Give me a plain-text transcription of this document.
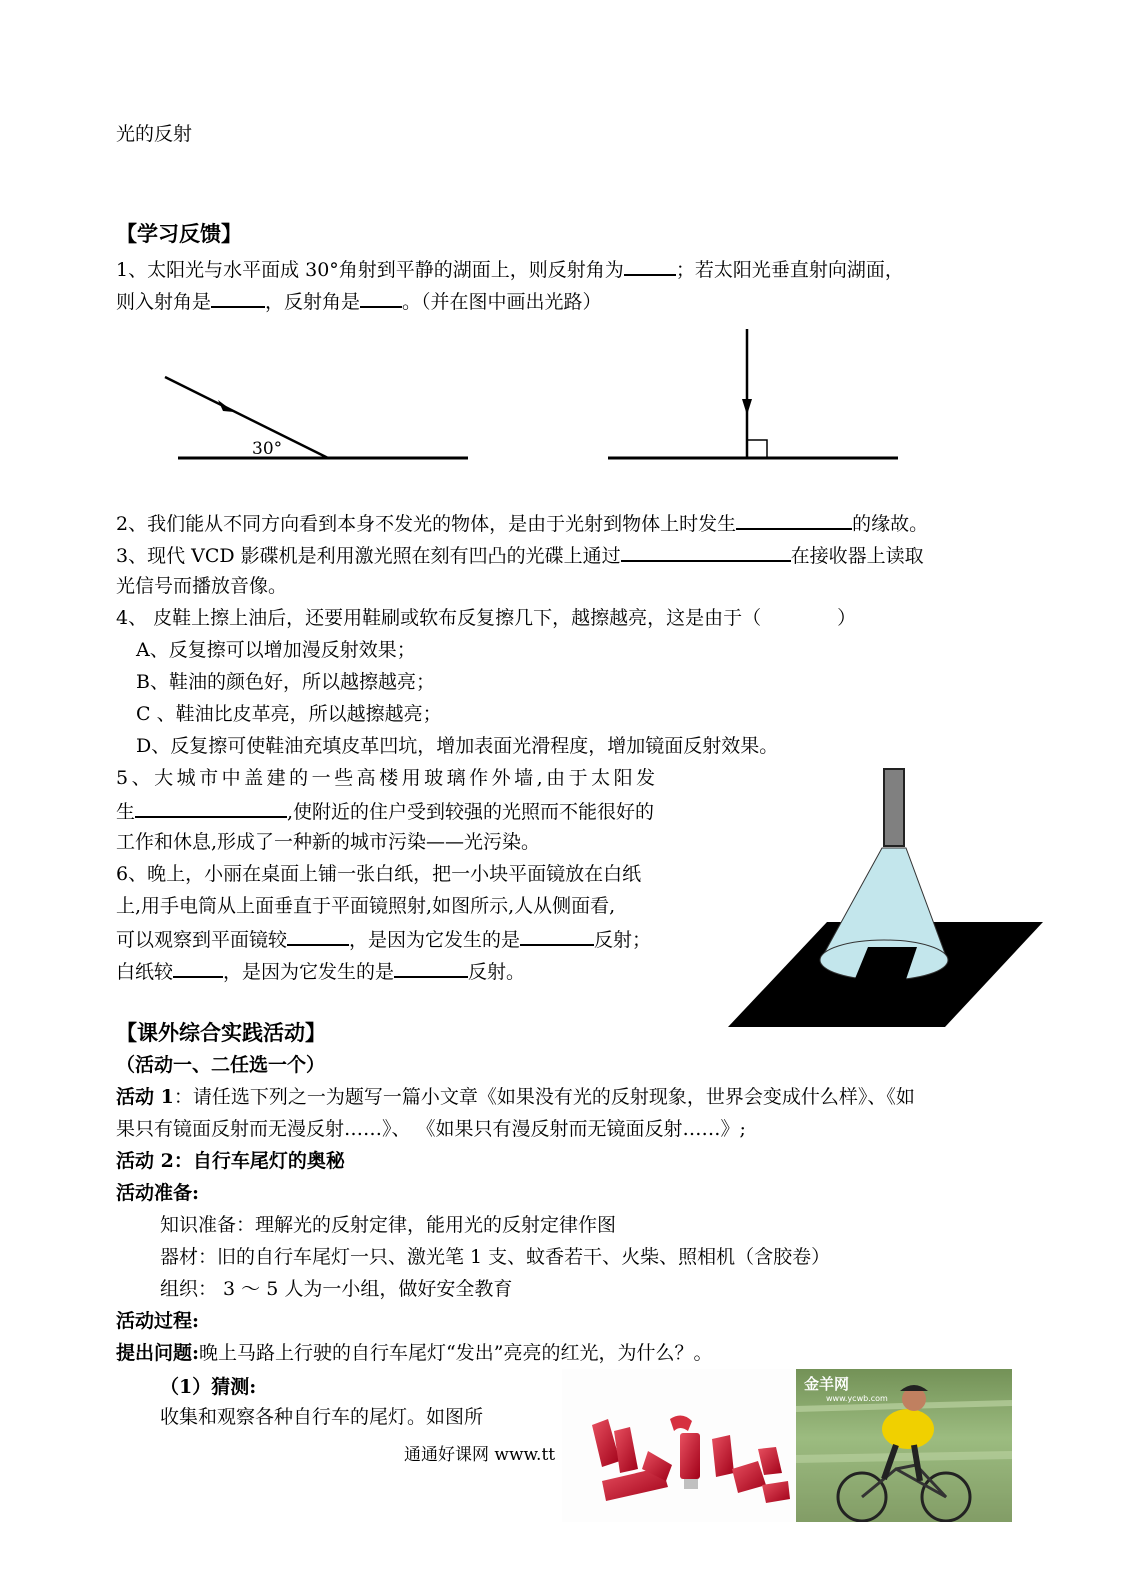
光的反射
【学习反馈】
1、太阳光与水平面成 30°角射到平静的湖面上，则反射角为	；若太阳光垂直射向湖面，
则入射角是	，反射角是 。（并在图中画出光路）
30°
2、我们能从不同方向看到本身不发光的物体，是由于光射到物体上时发生	的缘故。
3、现代 VCD 影碟机是利用激光照在刻有凹凸的光碟上通过	在接收器上读取
光信号而播放音像。
4、 皮鞋上擦上油后，还要用鞋刷或软布反复擦几下，越擦越亮，这是由于（　　　　）
A、反复擦可以增加漫反射效果；
B、鞋油的颜色好，所以越擦越亮；
C 、鞋油比皮革亮，所以越擦越亮；
D、反复擦可使鞋油充填皮革凹坑，增加表面光滑程度，增加镜面反射效果。
5、大城市中盖建的一些高楼用玻璃作外墙,由于太阳发
生	,使附近的住户受到较强的光照而不能很好的
工作和休息,形成了一种新的城市污染——光污染。
6、晚上，小丽在桌面上铺一张白纸，把一小块平面镜放在白纸
上,用手电筒从上面垂直于平面镜照射,如图所示,人从侧面看,
可以观察到平面镜较	，是因为它发生的是	反射；
白纸较	，是因为它发生的是	反射。
【课外综合实践活动】
（活动一、二任选一个）
活动 1：请任选下列之一为题写一篇小文章《如果没有光的反射现象，世界会变成什么样》、《如
果只有镜面反射而无漫反射……》、 《如果只有漫反射而无镜面反射……》;
活动 2：自行车尾灯的奥秘
活动准备:
知识准备：理解光的反射定律，能用光的反射定律作图
器材：旧的自行车尾灯一只、激光笔 1 支、蚊香若干、火柴、照相机（含胶卷）
组织： 3 ～ 5 人为一小组，做好安全教育
活动过程:
提出问题:晚上马路上行驶的自行车尾灯“发出”亮亮的红光，为什么？。
（1）猜测:
收集和观察各种自行车的尾灯。如图所
通通好课网 www.tt
金羊网
www.ycwb.com
